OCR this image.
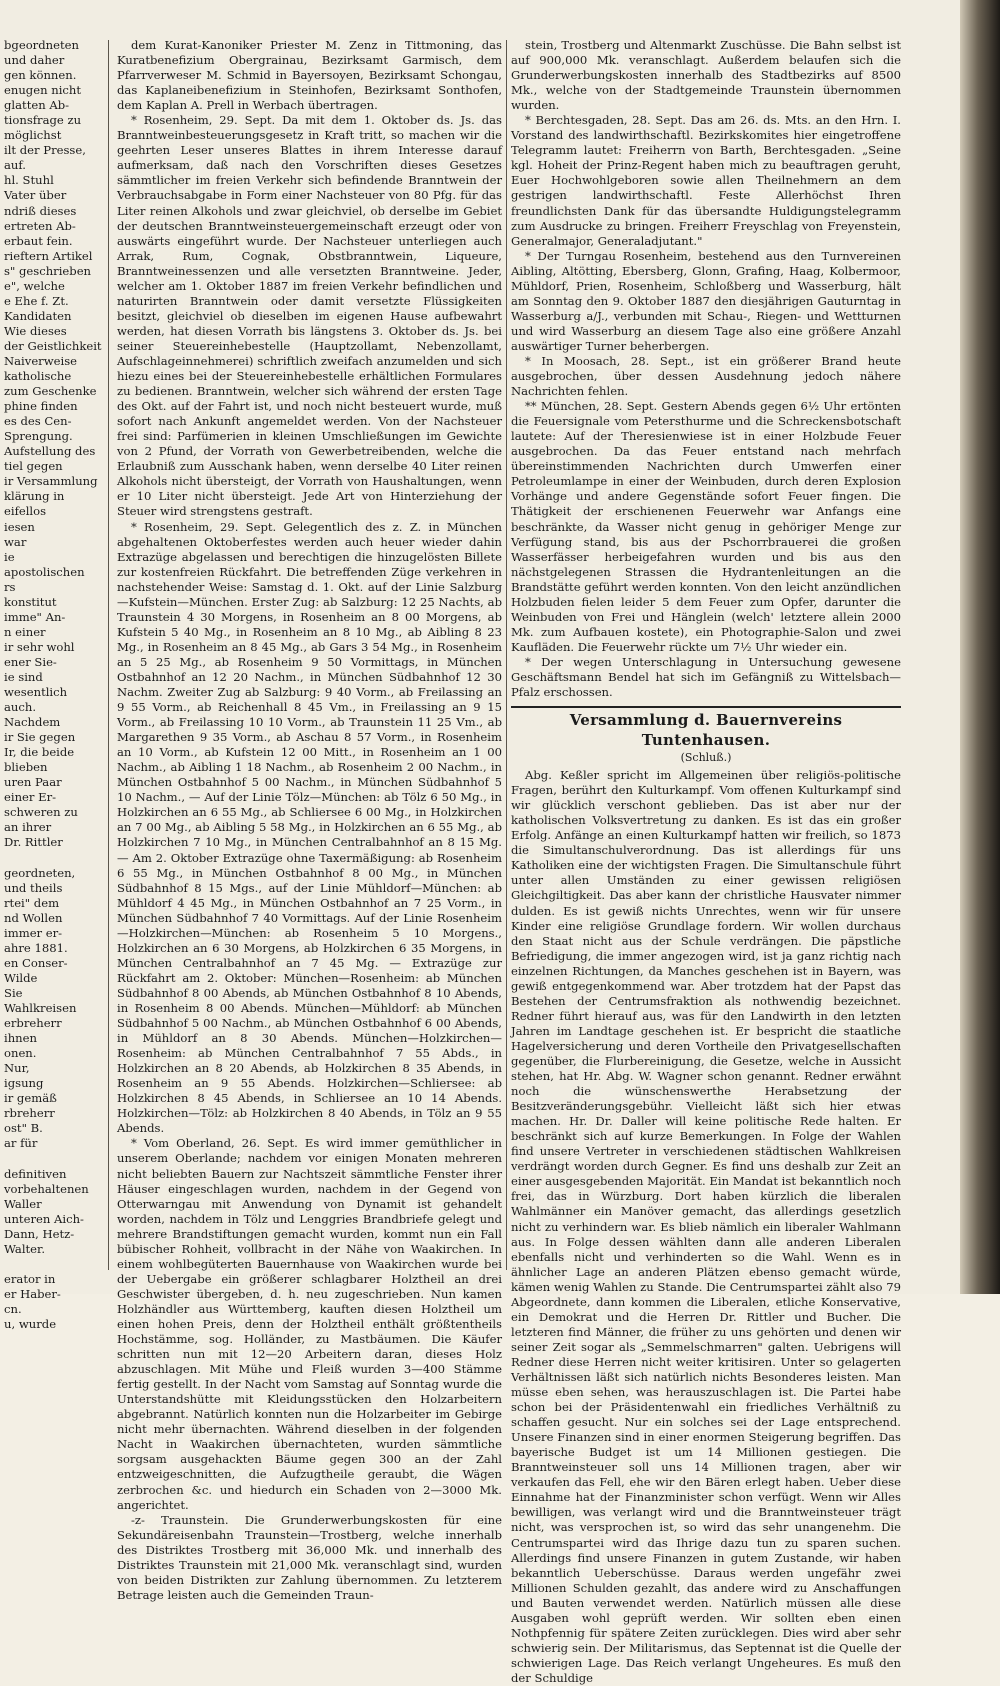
bgeordneten
und daher
gen können.
enugen nicht
glatten Ab-
tionsfrage zu
möglichst
ilt der Presse,
auf.
hl. Stuhl
Vater über
ndriß dieses
ertreten Ab-
erbaut fein.
rieftern Artikel
s" geschrieben
e", welche
e Ehe f. Zt.
Kandidaten
Wie dieses
der Geistlichkeit
Naiverweise
katholische
zum Geschenke
phine finden
es des Cen-
Sprengung.
Aufstellung des
tiel gegen
ir Versammlung
klärung in
eifellos
iesen
war
ie
apostolischen
rs
konstitut
imme" An-
n einer
ir sehr wohl
ener Sie-
ie sind
wesentlich
auch.
Nachdem
ir Sie gegen
Ir, die beide
blieben
uren Paar
einer Er-
schweren zu
an ihrer
Dr. Rittler

geordneten,
und theils
rtei" dem
nd Wollen
immer er-
ahre 1881.
en Conser-
Wilde
Sie
Wahlkreisen
erbreherr
ihnen
onen.
Nur,
igsung
ir gemäß
rbreherr
ost" B.
ar für

definitiven
vorbehaltenen
Waller
unteren Aich-
Dann, Hetz-
Walter.

erator in
er Haber-
cn.
u, wurde

dem Kurat-Kanoniker Priester M. Zenz in Tittmoning, das Kuratbenefizium Obergrainau, Bezirksamt Garmisch, dem Pfarrverweser M. Schmid in Bayersoyen, Bezirksamt Schongau, das Kaplaneibenefizium in Steinhofen, Bezirksamt Sonthofen, dem Kaplan A. Prell in Werbach übertragen.

* Rosenheim, 29. Sept. Da mit dem 1. Oktober ds. Js. das Branntweinbesteuerungsgesetz in Kraft tritt, so machen wir die geehrten Leser unseres Blattes in ihrem Interesse darauf aufmerksam, daß nach den Vorschriften dieses Gesetzes sämmtlicher im freien Verkehr sich befindende Branntwein der Verbrauchsabgabe in Form einer Nachsteuer von 80 Pfg. für das Liter reinen Alkohols und zwar gleichviel, ob derselbe im Gebiet der deutschen Branntweinsteuergemeinschaft erzeugt oder von auswärts eingeführt wurde. Der Nachsteuer unterliegen auch Arrak, Rum, Cognak, Obstbranntwein, Liqueure, Branntweinessenzen und alle versetzten Branntweine. Jeder, welcher am 1. Oktober 1887 im freien Verkehr befindlichen und naturirten Branntwein oder damit versetzte Flüssigkeiten besitzt, gleichviel ob dieselben im eigenen Hause aufbewahrt werden, hat diesen Vorrath bis längstens 3. Oktober ds. Js. bei seiner Steuereinhebestelle (Hauptzollamt, Nebenzollamt, Aufschlageinnehmerei) schriftlich zweifach anzumelden und sich hiezu eines bei der Steuereinhebestelle erhältlichen Formulares zu bedienen. Branntwein, welcher sich während der ersten Tage des Okt. auf der Fahrt ist, und noch nicht besteuert wurde, muß sofort nach Ankunft angemeldet werden. Von der Nachsteuer frei sind: Parfümerien in kleinen Umschließungen im Gewichte von 2 Pfund, der Vorrath von Gewerbetreibenden, welche die Erlaubniß zum Ausschank haben, wenn derselbe 40 Liter reinen Alkohols nicht übersteigt, der Vorrath von Haushaltungen, wenn er 10 Liter nicht übersteigt. Jede Art von Hinterziehung der Steuer wird strengstens gestraft.

* Rosenheim, 29. Sept. Gelegentlich des z. Z. in München abgehaltenen Oktoberfestes werden auch heuer wieder dahin Extrazüge abgelassen und berechtigen die hinzugelösten Billete zur kostenfreien Rückfahrt. Die betreffenden Züge verkehren in nachstehender Weise: Samstag d. 1. Okt. auf der Linie Salzburg—Kufstein—München. Erster Zug: ab Salzburg: 12 25 Nachts, ab Traunstein 4 30 Morgens, in Rosenheim an 8 00 Morgens, ab Kufstein 5 40 Mg., in Rosenheim an 8 10 Mg., ab Aibling 8 23 Mg., in Rosenheim an 8 45 Mg., ab Gars 3 54 Mg., in Rosenheim an 5 25 Mg., ab Rosenheim 9 50 Vormittags, in München Ostbahnhof an 12 20 Nachm., in München Südbahnhof 12 30 Nachm. Zweiter Zug ab Salzburg: 9 40 Vorm., ab Freilassing an 9 55 Vorm., ab Reichenhall 8 45 Vm., in Freilassing an 9 15 Vorm., ab Freilassing 10 10 Vorm., ab Traunstein 11 25 Vm., ab Margarethen 9 35 Vorm., ab Aschau 8 57 Vorm., in Rosenheim an 10 Vorm., ab Kufstein 12 00 Mitt., in Rosenheim an 1 00 Nachm., ab Aibling 1 18 Nachm., ab Rosenheim 2 00 Nachm., in München Ostbahnhof 5 00 Nachm., in München Südbahnhof 5 10 Nachm., — Auf der Linie Tölz—München: ab Tölz 6 50 Mg., in Holzkirchen an 6 55 Mg., ab Schliersee 6 00 Mg., in Holzkirchen an 7 00 Mg., ab Aibling 5 58 Mg., in Holzkirchen an 6 55 Mg., ab Holzkirchen 7 10 Mg., in München Centralbahnhof an 8 15 Mg. — Am 2. Oktober Extrazüge ohne Taxermäßigung: ab Rosenheim 6 55 Mg., in München Ostbahnhof 8 00 Mg., in München Südbahnhof 8 15 Mgs., auf der Linie Mühldorf—München: ab Mühldorf 4 45 Mg., in München Ostbahnhof an 7 25 Vorm., in München Südbahnhof 7 40 Vormittags. Auf der Linie Rosenheim—Holzkirchen—München: ab Rosenheim 5 10 Morgens., Holzkirchen an 6 30 Morgens, ab Holzkirchen 6 35 Morgens, in München Centralbahnhof an 7 45 Mg. — Extrazüge zur Rückfahrt am 2. Oktober: München—Rosenheim: ab München Südbahnhof 8 00 Abends, ab München Ostbahnhof 8 10 Abends, in Rosenheim 8 00 Abends. München—Mühldorf: ab München Südbahnhof 5 00 Nachm., ab München Ostbahnhof 6 00 Abends, in Mühldorf an 8 30 Abends. München—Holzkirchen—Rosenheim: ab München Centralbahnhof 7 55 Abds., in Holzkirchen an 8 20 Abends, ab Holzkirchen 8 35 Abends, in Rosenheim an 9 55 Abends. Holzkirchen—Schliersee: ab Holzkirchen 8 45 Abends, in Schliersee an 10 14 Abends. Holzkirchen—Tölz: ab Holzkirchen 8 40 Abends, in Tölz an 9 55 Abends.

* Vom Oberland, 26. Sept. Es wird immer gemüthlicher in unserem Oberlande; nachdem vor einigen Monaten mehreren nicht beliebten Bauern zur Nachtszeit sämmtliche Fenster ihrer Häuser eingeschlagen wurden, nachdem in der Gegend von Otterwarngau mit Anwendung von Dynamit ist gehandelt worden, nachdem in Tölz und Lenggries Brandbriefe gelegt und mehrere Brandstiftungen gemacht wurden, kommt nun ein Fall bübischer Rohheit, vollbracht in der Nähe von Waakirchen. In einem wohlbegüterten Bauernhause von Waakirchen wurde bei der Uebergabe ein größerer schlagbarer Holztheil an drei Geschwister übergeben, d. h. neu zugeschrieben. Nun kamen Holzhändler aus Württemberg, kauften diesen Holztheil um einen hohen Preis, denn der Holztheil enthält größtentheils Hochstämme, sog. Holländer, zu Mastbäumen. Die Käufer schritten nun mit 12—20 Arbeitern daran, dieses Holz abzuschlagen. Mit Mühe und Fleiß wurden 3—400 Stämme fertig gestellt. In der Nacht vom Samstag auf Sonntag wurde die Unterstandshütte mit Kleidungsstücken den Holzarbeitern abgebrannt. Natürlich konnten nun die Holzarbeiter im Gebirge nicht mehr übernachten. Während dieselben in der folgenden Nacht in Waakirchen übernachteten, wurden sämmtliche sorgsam ausgehackten Bäume gegen 300 an der Zahl entzweigeschnitten, die Aufzugtheile geraubt, die Wägen zerbrochen &c. und hiedurch ein Schaden von 2—3000 Mk. angerichtet.

-z- Traunstein. Die Grunderwerbungskosten für eine Sekundäreisenbahn Traunstein—Trostberg, welche innerhalb des Distriktes Trostberg mit 36,000 Mk. und innerhalb des Distriktes Traunstein mit 21,000 Mk. veranschlagt sind, wurden von beiden Distrikten zur Zahlung übernommen. Zu letzterem Betrage leisten auch die Gemeinden Traun-

stein, Trostberg und Altenmarkt Zuschüsse. Die Bahn selbst ist auf 900,000 Mk. veranschlagt. Außerdem belaufen sich die Grunderwerbungskosten innerhalb des Stadtbezirks auf 8500 Mk., welche von der Stadtgemeinde Traunstein übernommen wurden.

* Berchtesgaden, 28. Sept. Das am 26. ds. Mts. an den Hrn. I. Vorstand des landwirthschaftl. Bezirkskomites hier eingetroffene Telegramm lautet: Freiherrn von Barth, Berchtesgaden. „Seine kgl. Hoheit der Prinz-Regent haben mich zu beauftragen geruht, Euer Hochwohlgeboren sowie allen Theilnehmern an dem gestrigen landwirthschaftl. Feste Allerhöchst Ihren freundlichsten Dank für das übersandte Huldigungstelegramm zum Ausdrucke zu bringen. Freiherr Freyschlag von Freyenstein, Generalmajor, Generaladjutant."

* Der Turngau Rosenheim, bestehend aus den Turnvereinen Aibling, Altötting, Ebersberg, Glonn, Grafing, Haag, Kolbermoor, Mühldorf, Prien, Rosenheim, Schloßberg und Wasserburg, hält am Sonntag den 9. Oktober 1887 den diesjährigen Gauturntag in Wasserburg a/J., verbunden mit Schau-, Riegen- und Wettturnen und wird Wasserburg an diesem Tage also eine größere Anzahl auswärtiger Turner beherbergen.

* In Moosach, 28. Sept., ist ein größerer Brand heute ausgebrochen, über dessen Ausdehnung jedoch nähere Nachrichten fehlen.

** München, 28. Sept. Gestern Abends gegen 6½ Uhr ertönten die Feuersignale vom Petersthurme und die Schreckensbotschaft lautete: Auf der Theresienwiese ist in einer Holzbude Feuer ausgebrochen. Da das Feuer entstand nach mehrfach übereinstimmenden Nachrichten durch Umwerfen einer Petroleumlampe in einer der Weinbuden, durch deren Explosion Vorhänge und andere Gegenstände sofort Feuer fingen. Die Thätigkeit der erschienenen Feuerwehr war Anfangs eine beschränkte, da Wasser nicht genug in gehöriger Menge zur Verfügung stand, bis aus der Pschorrbrauerei die großen Wasserfässer herbeigefahren wurden und bis aus den nächstgelegenen Strassen die Hydrantenleitungen an die Brandstätte geführt werden konnten. Von den leicht anzündlichen Holzbuden fielen leider 5 dem Feuer zum Opfer, darunter die Weinbuden von Frei und Hänglein (welch' letztere allein 2000 Mk. zum Aufbauen kostete), ein Photographie-Salon und zwei Kaufläden. Die Feuerwehr rückte um 7½ Uhr wieder ein.

* Der wegen Unterschlagung in Untersuchung gewesene Geschäftsmann Bendel hat sich im Gefängniß zu Wittelsbach—Pfalz erschossen.

Versammlung d. Bauernvereins Tuntenhausen.
(Schluß.)

Abg. Keßler spricht im Allgemeinen über religiös-politische Fragen, berührt den Kulturkampf. Vom offenen Kulturkampf sind wir glücklich verschont geblieben. Das ist aber nur der katholischen Volksvertretung zu danken. Es ist das ein großer Erfolg. Anfänge an einen Kulturkampf hatten wir freilich, so 1873 die Simultanschulverordnung. Das ist allerdings für uns Katholiken eine der wichtigsten Fragen. Die Simultanschule führt unter allen Umständen zu einer gewissen religiösen Gleichgiltigkeit. Das aber kann der christliche Hausvater nimmer dulden. Es ist gewiß nichts Unrechtes, wenn wir für unsere Kinder eine religiöse Grundlage fordern. Wir wollen durchaus den Staat nicht aus der Schule verdrängen. Die päpstliche Befriedigung, die immer angezogen wird, ist ja ganz richtig nach einzelnen Richtungen, da Manches geschehen ist in Bayern, was gewiß entgegenkommend war. Aber trotzdem hat der Papst das Bestehen der Centrumsfraktion als nothwendig bezeichnet. Redner führt hierauf aus, was für den Landwirth in den letzten Jahren im Landtage geschehen ist. Er bespricht die staatliche Hagelversicherung und deren Vortheile den Privatgesellschaften gegenüber, die Flurbereinigung, die Gesetze, welche in Aussicht stehen, hat Hr. Abg. W. Wagner schon genannt. Redner erwähnt noch die wünschenswerthe Herabsetzung der Besitzveränderungsgebühr. Vielleicht läßt sich hier etwas machen. Hr. Dr. Daller will keine politische Rede halten. Er beschränkt sich auf kurze Bemerkungen. In Folge der Wahlen find unsere Vertreter in verschiedenen städtischen Wahlkreisen verdrängt worden durch Gegner. Es find uns deshalb zur Zeit an einer ausgesgebenden Majorität. Ein Mandat ist bekanntlich noch frei, das in Würzburg. Dort haben kürzlich die liberalen Wahlmänner ein Manöver gemacht, das allerdings gesetzlich nicht zu verhindern war. Es blieb nämlich ein liberaler Wahlmann aus. In Folge dessen wählten dann alle anderen Liberalen ebenfalls nicht und verhinderten so die Wahl. Wenn es in ähnlicher Lage an anderen Plätzen ebenso gemacht würde, kämen wenig Wahlen zu Stande. Die Centrumspartei zählt also 79 Abgeordnete, dann kommen die Liberalen, etliche Konservative, ein Demokrat und die Herren Dr. Rittler und Bucher. Die letzteren find Männer, die früher zu uns gehörten und denen wir seiner Zeit sogar als „Semmelschmarren" galten. Uebrigens will Redner diese Herren nicht weiter kritisiren. Unter so gelagerten Verhältnissen läßt sich natürlich nichts Besonderes leisten. Man müsse eben sehen, was herauszuschlagen ist. Die Partei habe schon bei der Präsidentenwahl ein friedliches Verhältniß zu schaffen gesucht. Nur ein solches sei der Lage entsprechend. Unsere Finanzen sind in einer enormen Steigerung begriffen. Das bayerische Budget ist um 14 Millionen gestiegen. Die Branntweinsteuer soll uns 14 Millionen tragen, aber wir verkaufen das Fell, ehe wir den Bären erlegt haben. Ueber diese Einnahme hat der Finanzminister schon verfügt. Wenn wir Alles bewilligen, was verlangt wird und die Branntweinsteuer trägt nicht, was versprochen ist, so wird das sehr unangenehm. Die Centrumspartei wird das Ihrige dazu tun zu sparen suchen. Allerdings find unsere Finanzen in gutem Zustande, wir haben bekanntlich Ueberschüsse. Daraus werden ungefähr zwei Millionen Schulden gezahlt, das andere wird zu Anschaffungen und Bauten verwendet werden. Natürlich müssen alle diese Ausgaben wohl geprüft werden. Wir sollten eben einen Nothpfennig für spätere Zeiten zurücklegen. Dies wird aber sehr schwierig sein. Der Militarismus, das Septennat ist die Quelle der schwierigen Lage. Das Reich verlangt Ungeheures. Es muß den der Schuldige
